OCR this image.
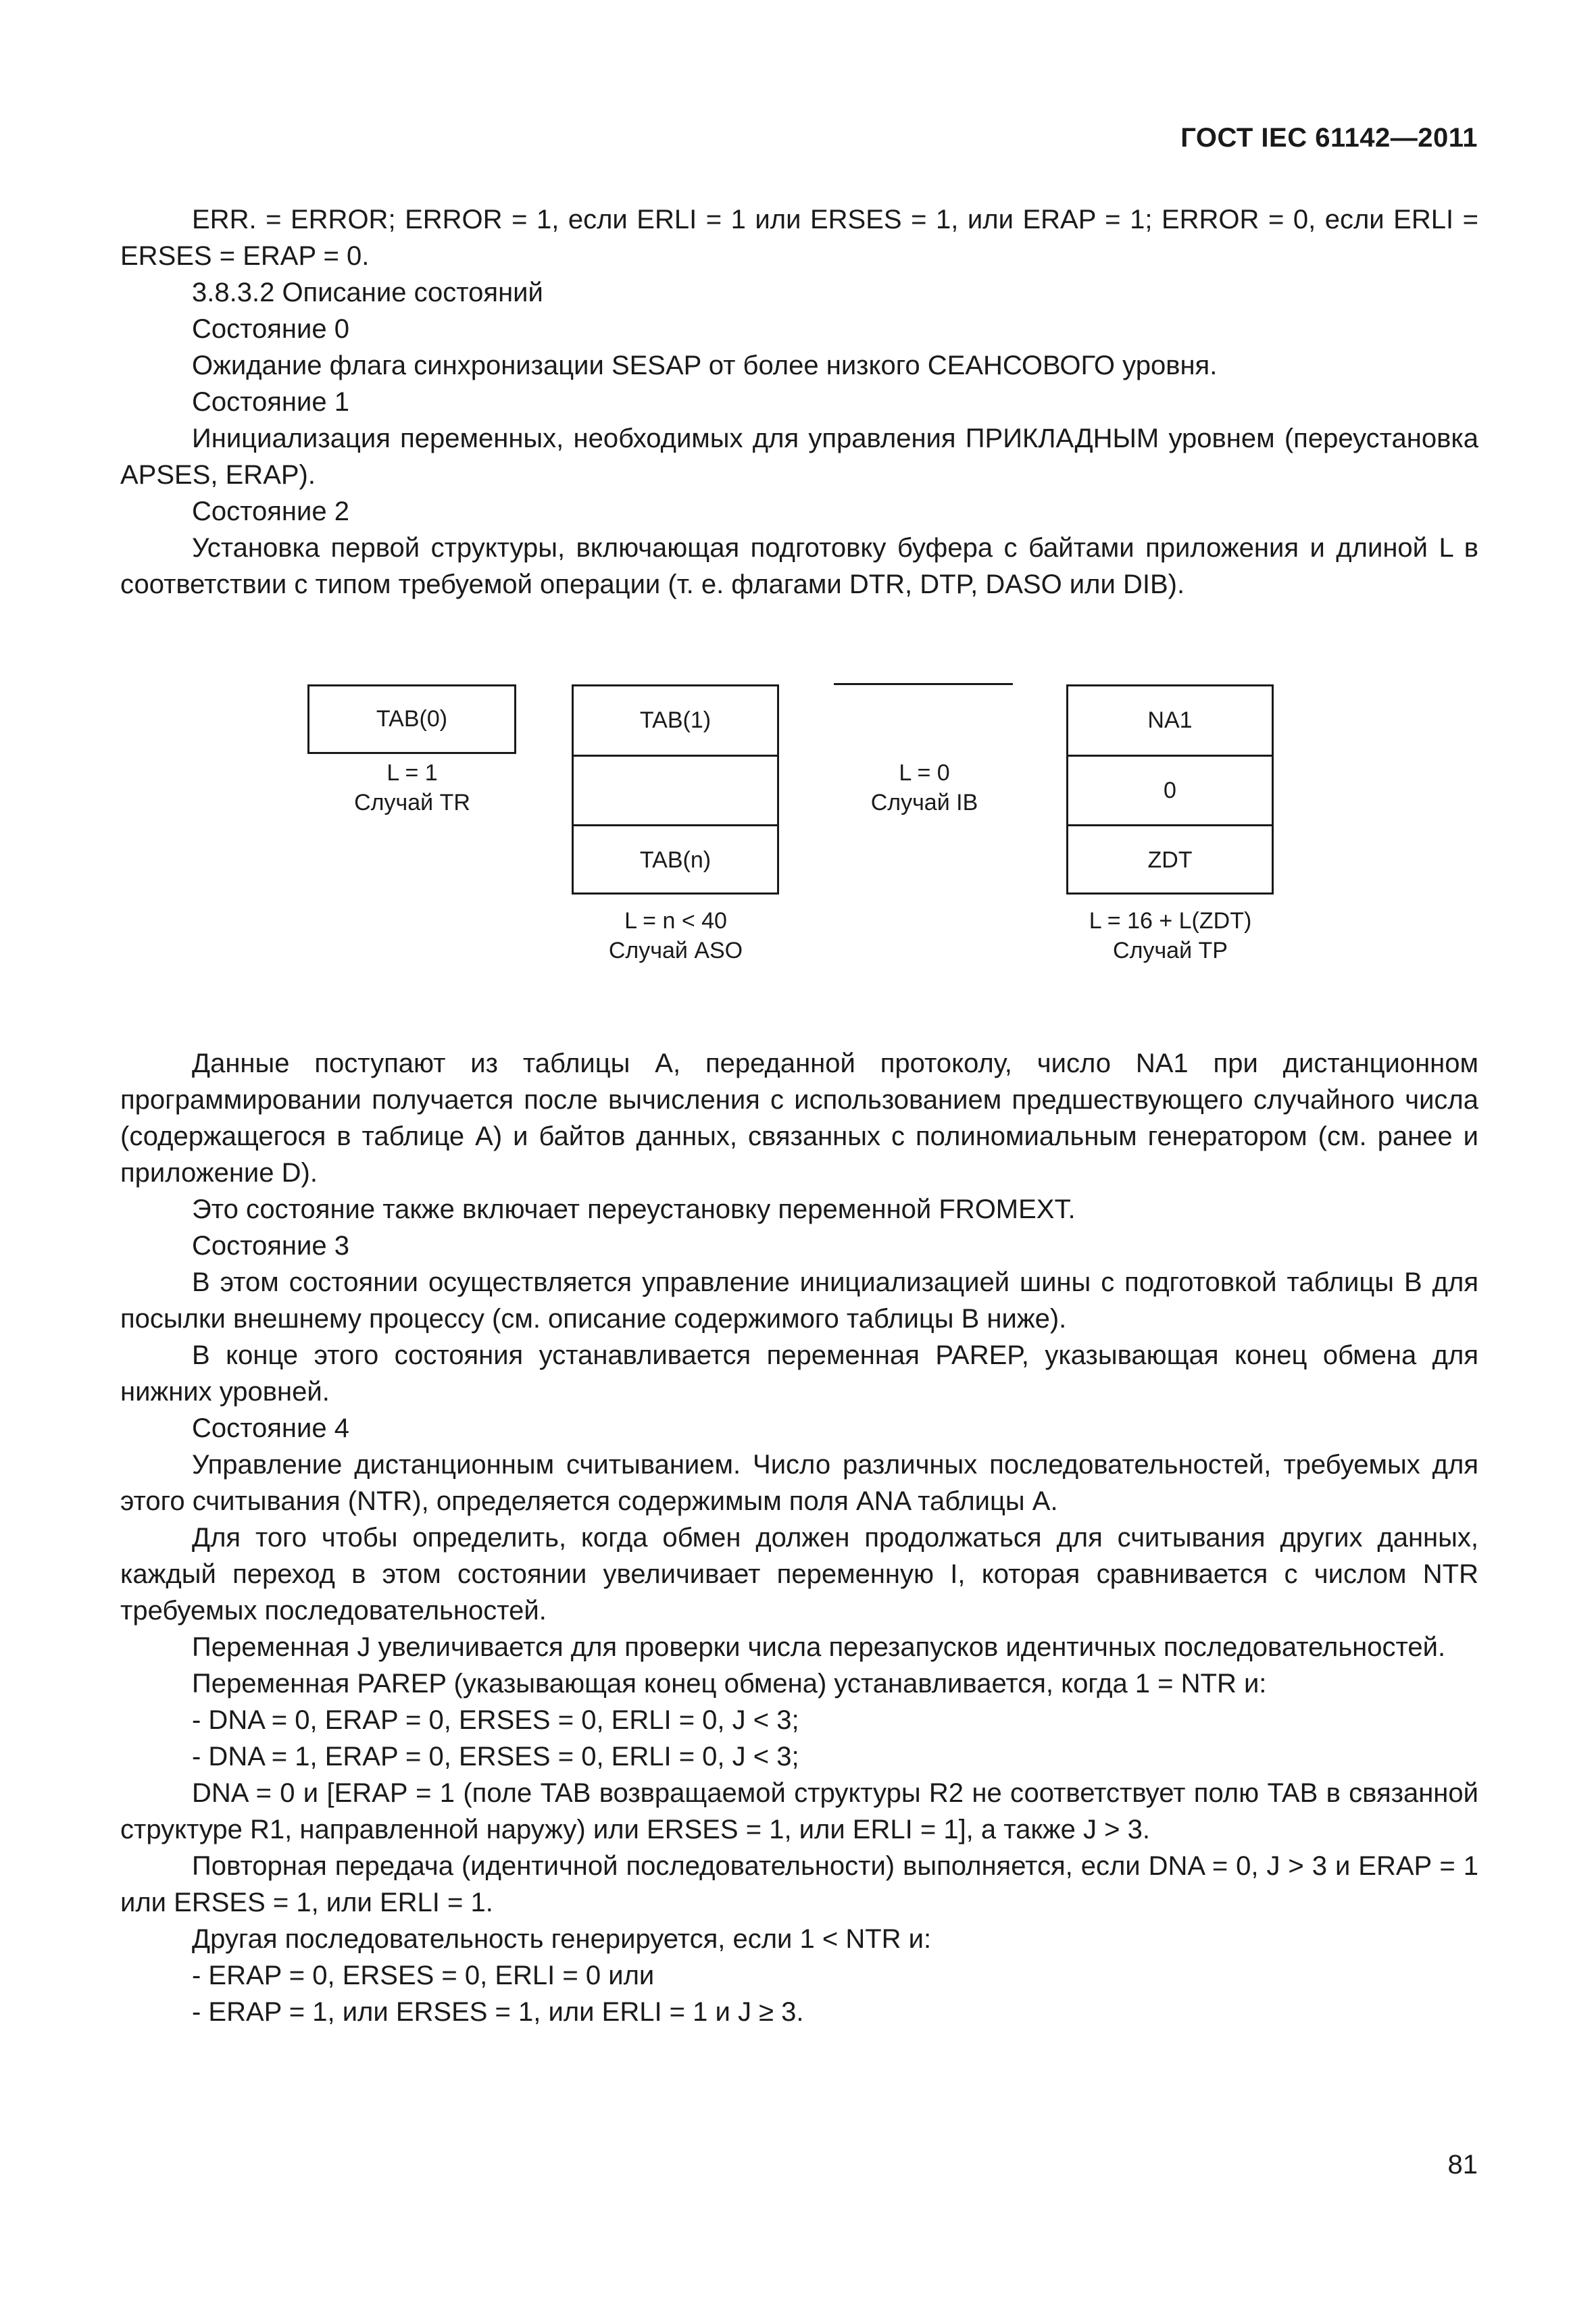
ГОСТ IEC 61142—2011

ERR. = ERROR; ERROR = 1, если ERLI = 1 или ERSES = 1, или ERAP = 1; ERROR = 0, если ERLI = ERSES = ERAP = 0.

3.8.3.2 Описание состояний

Состояние 0

Ожидание флага синхронизации SESAP от более низкого СЕАНСОВОГО уровня.

Состояние 1

Инициализация переменных, необходимых для управления ПРИКЛАДНЫМ уровнем (переустановка APSES, ERAP).

Состояние 2

Установка первой структуры, включающая подготовку буфера с байтами приложения и длиной L в соответствии с типом требуемой операции (т. е. флагами DTR, DTP, DASO или DIB).

TAB(0)
L = 1
Случай TR
TAB(1)
TAB(n)
L = n < 40
Случай ASO
L = 0
Случай IB
NA1
0
ZDT
L = 16 + L(ZDT)
Случай TP

Данные поступают из таблицы A, переданной протоколу, число NA1 при дистанционном программировании получается после вычисления с использованием предшествующего случайного числа (содержащегося в таблице A) и байтов данных, связанных с полиномиальным генератором (см. ранее и приложение D).

Это состояние также включает переустановку переменной FROMEXT.

Состояние 3

В этом состоянии осуществляется управление инициализацией шины с подготовкой таблицы B для посылки внешнему процессу (см. описание содержимого таблицы B ниже).

В конце этого состояния устанавливается переменная PAREP, указывающая конец обмена для нижних уровней.

Состояние 4

Управление дистанционным считыванием. Число различных последовательностей, требуемых для этого считывания (NTR), определяется содержимым поля ANA таблицы A.

Для того чтобы определить, когда обмен должен продолжаться для считывания других данных, каждый переход в этом состоянии увеличивает переменную I, которая сравнивается с числом NTR требуемых последовательностей.

Переменная J увеличивается для проверки числа перезапусков идентичных последовательностей.

Переменная PAREP (указывающая конец обмена) устанавливается, когда 1 = NTR и:

- DNA = 0, ERAP = 0, ERSES = 0, ERLI = 0, J < 3;

- DNA = 1, ERAP = 0, ERSES = 0, ERLI = 0, J < 3;

DNA = 0 и [ERAP = 1 (поле TAB возвращаемой структуры R2 не соответствует полю TAB в связанной структуре R1, направленной наружу) или ERSES = 1, или ERLI = 1], а также J > 3.

Повторная передача (идентичной последовательности) выполняется, если DNA = 0, J > 3 и ERAP = 1 или ERSES = 1, или ERLI = 1.

Другая последовательность генерируется, если 1 < NTR и:

- ERAP = 0, ERSES = 0, ERLI = 0 или

- ERAP = 1, или ERSES = 1, или ERLI = 1 и J ≥ 3.

81
